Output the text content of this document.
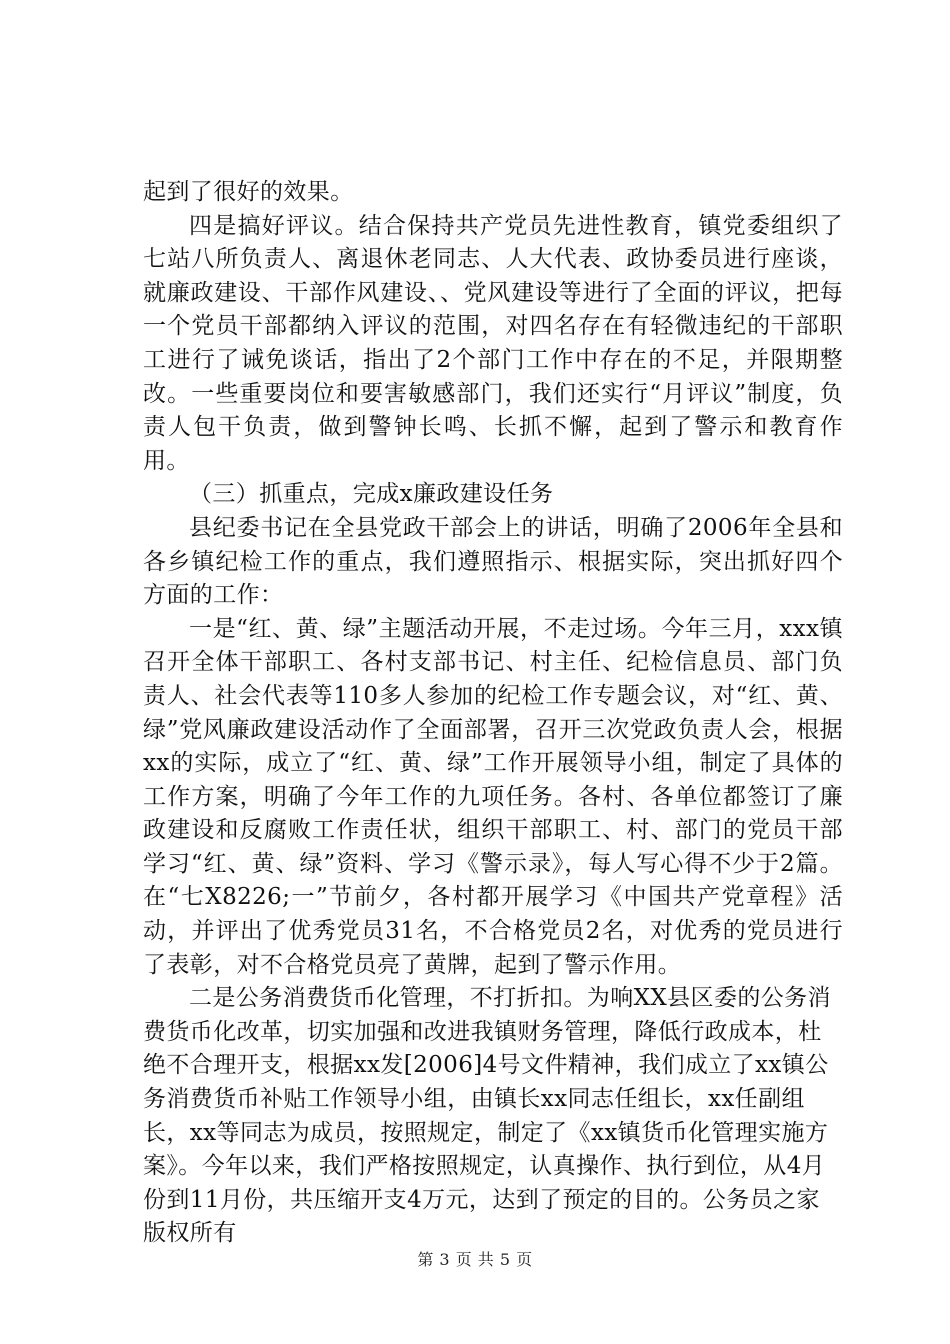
起到了很好的效果。

四是搞好评议。结合保持共产党员先进性教育，镇党委组织了七站八所负责人、离退休老同志、人大代表、政协委员进行座谈，就廉政建设、干部作风建设、、党风建设等进行了全面的评议，把每一个党员干部都纳入评议的范围，对四名存在有轻微违纪的干部职工进行了诫免谈话，指出了2个部门工作中存在的不足，并限期整改。一些重要岗位和要害敏感部门，我们还实行“月评议”制度，负责人包干负责，做到警钟长鸣、长抓不懈，起到了警示和教育作用。

（三）抓重点，完成x廉政建设任务

县纪委书记在全县党政干部会上的讲话，明确了2006年全县和各乡镇纪检工作的重点，我们遵照指示、根据实际，突出抓好四个方面的工作：

一是“红、黄、绿”主题活动开展，不走过场。今年三月，xxx镇召开全体干部职工、各村支部书记、村主任、纪检信息员、部门负责人、社会代表等110多人参加的纪检工作专题会议，对“红、黄、绿”党风廉政建设活动作了全面部署，召开三次党政负责人会，根据xx的实际，成立了“红、黄、绿”工作开展领导小组，制定了具体的工作方案，明确了今年工作的九项任务。各村、各单位都签订了廉政建设和反腐败工作责任状，组织干部职工、村、部门的党员干部学习“红、黄、绿”资料、学习《警示录》，每人写心得不少于2篇。在“七X8226;一”节前夕，各村都开展学习《中国共产党章程》活动，并评出了优秀党员31名，不合格党员2名，对优秀的党员进行了表彰，对不合格党员亮了黄牌，起到了警示作用。

二是公务消费货币化管理，不打折扣。为响XX县区委的公务消费货币化改革，切实加强和改进我镇财务管理，降低行政成本，杜绝不合理开支，根据xx发[2006]4号文件精神，我们成立了xx镇公务消费货币补贴工作领导小组，由镇长xx同志任组长，xx任副组长，xx等同志为成员，按照规定，制定了《xx镇货币化管理实施方案》。今年以来，我们严格按照规定，认真操作、执行到位，从4月份到11月份，共压缩开支4万元，达到了预定的目的。公务员之家版权所有

第 3 页 共 5 页
